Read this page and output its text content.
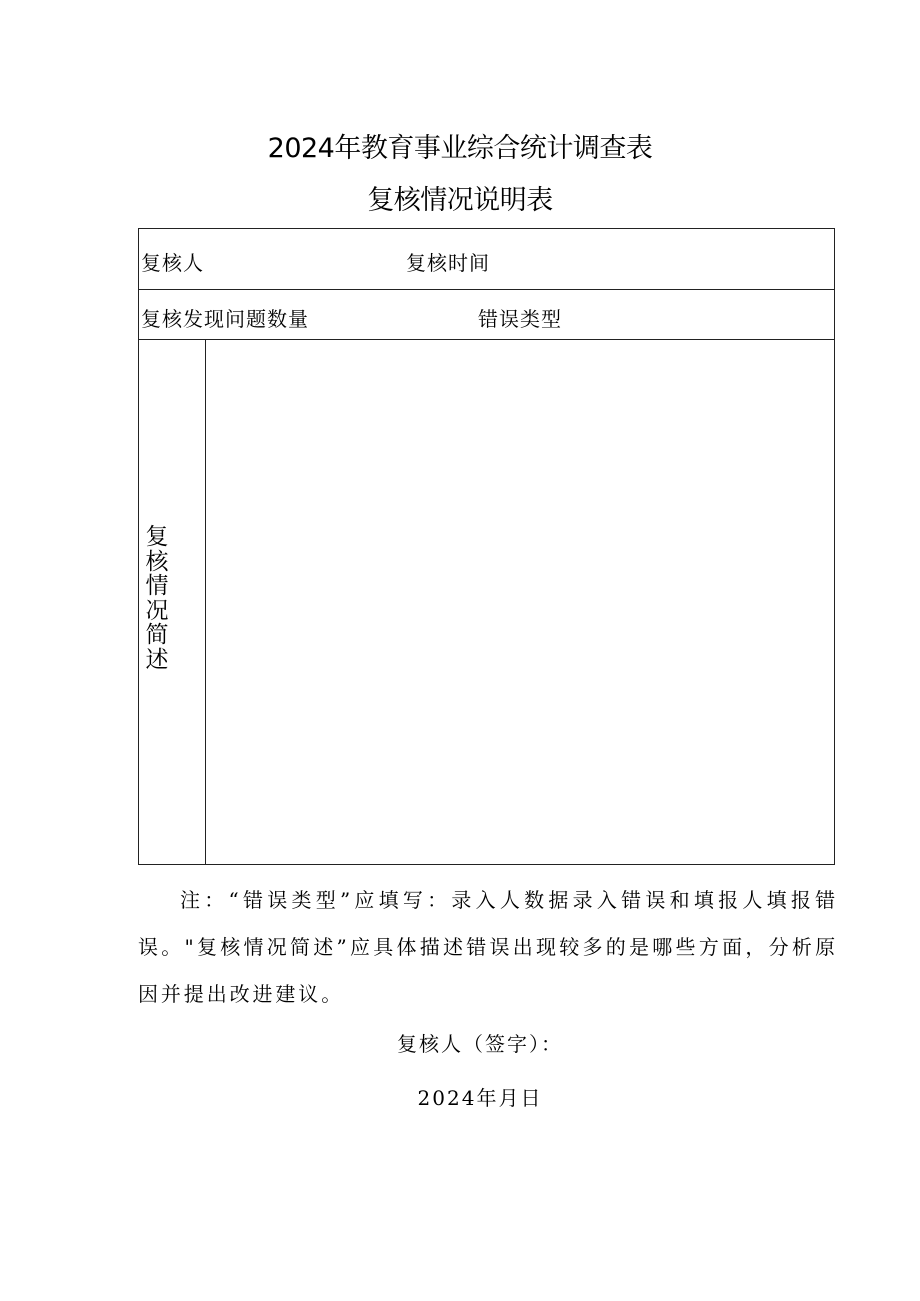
2024年教育事业综合统计调查表
复核情况说明表
复核人	复核时间
复核发现问题数量	错误类型
复
核
情
况
简
述
注：“错误类型”应填写：录入人数据录入错误和填报人填报错误。"复核情况简述”应具体描述错误出现较多的是哪些方面，分析原因并提出改进建议。
复核人（签字）：
2024年月日
